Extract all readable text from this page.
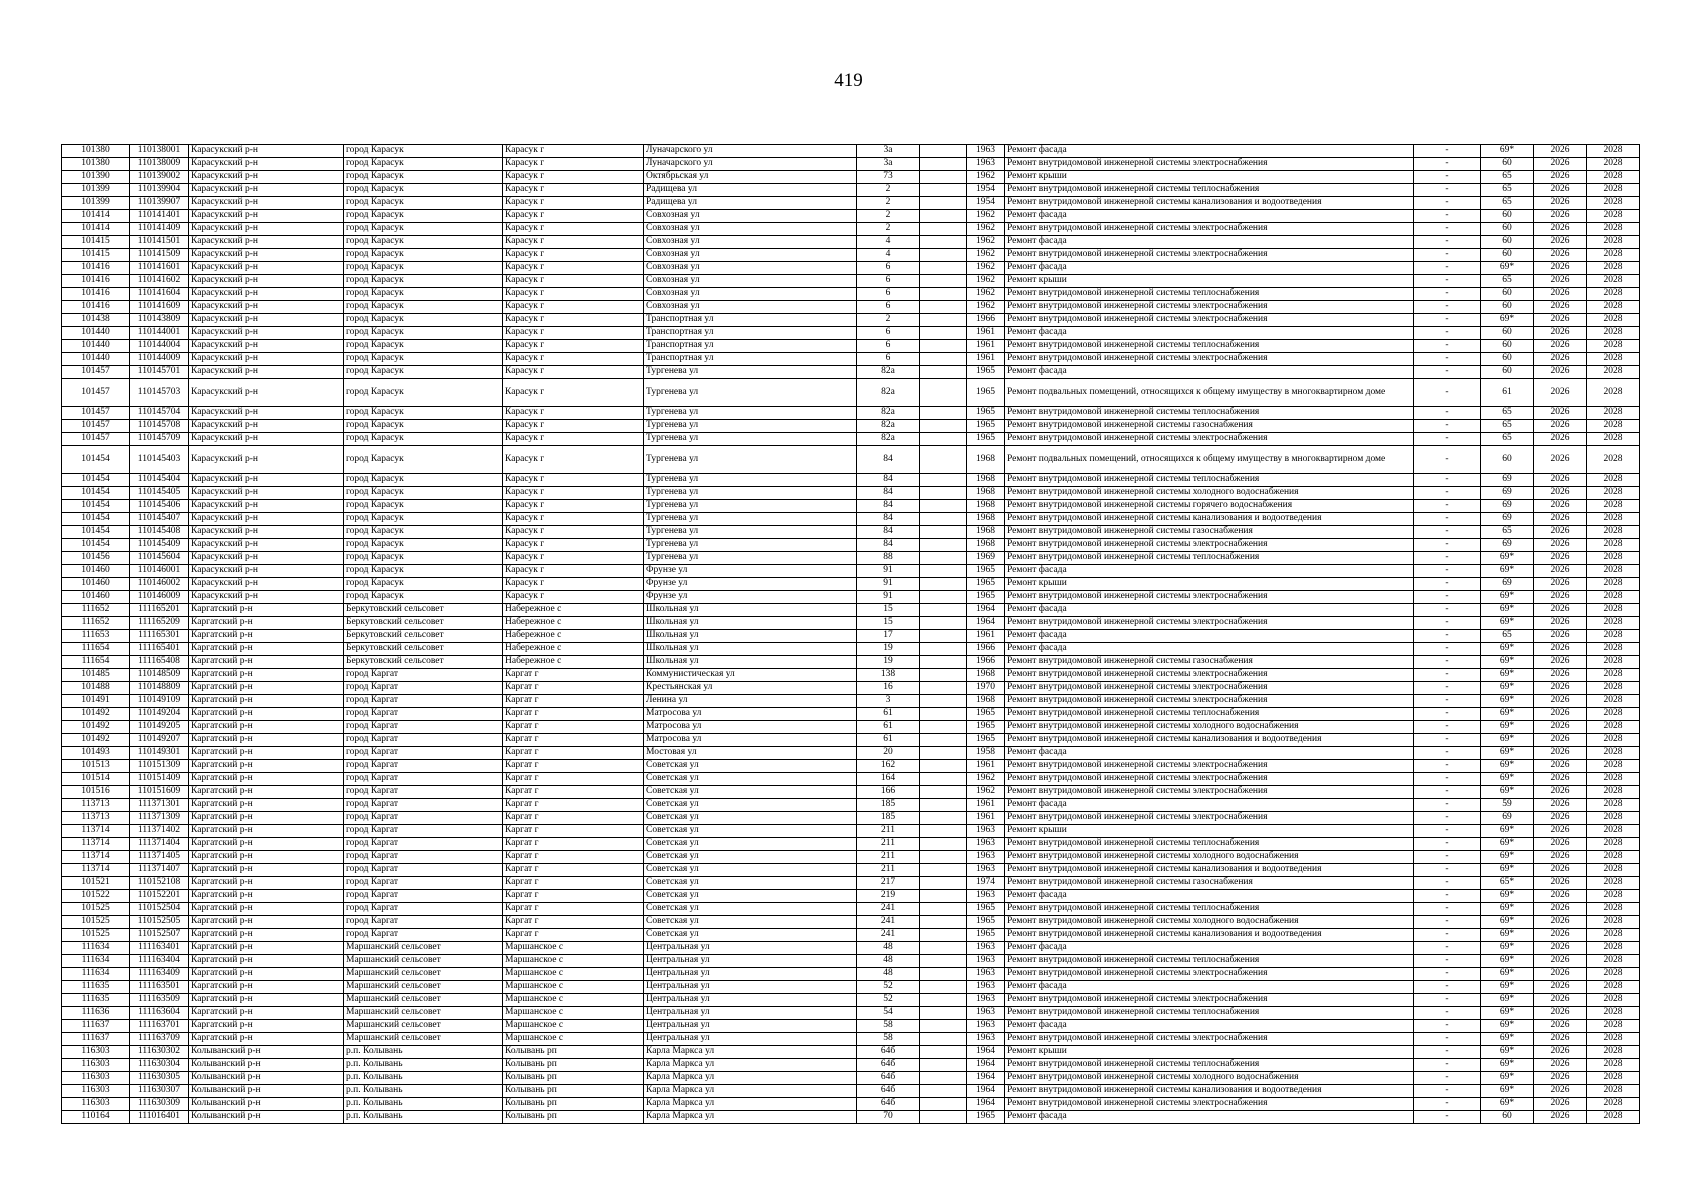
419
101380	110138001	Карасукский р-н	город Карасук	Карасук г	Луначарского ул	3а		1963	Ремонт фасада	-	69*	2026	2028
101380	110138009	Карасукский р-н	город Карасук	Карасук г	Луначарского ул	3а		1963	Ремонт внутридомовой инженерной системы электроснабжения	-	60	2026	2028
101390	110139002	Карасукский р-н	город Карасук	Карасук г	Октябрьская ул	73		1962	Ремонт крыши	-	65	2026	2028
101399	110139904	Карасукский р-н	город Карасук	Карасук г	Радищева ул	2		1954	Ремонт внутридомовой инженерной системы теплоснабжения	-	65	2026	2028
101399	110139907	Карасукский р-н	город Карасук	Карасук г	Радищева ул	2		1954	Ремонт внутридомовой инженерной системы канализования и водоотведения	-	65	2026	2028
101414	110141401	Карасукский р-н	город Карасук	Карасук г	Совхозная ул	2		1962	Ремонт фасада	-	60	2026	2028
101414	110141409	Карасукский р-н	город Карасук	Карасук г	Совхозная ул	2		1962	Ремонт внутридомовой инженерной системы электроснабжения	-	60	2026	2028
101415	110141501	Карасукский р-н	город Карасук	Карасук г	Совхозная ул	4		1962	Ремонт фасада	-	60	2026	2028
101415	110141509	Карасукский р-н	город Карасук	Карасук г	Совхозная ул	4		1962	Ремонт внутридомовой инженерной системы электроснабжения	-	60	2026	2028
101416	110141601	Карасукский р-н	город Карасук	Карасук г	Совхозная ул	6		1962	Ремонт фасада	-	69*	2026	2028
101416	110141602	Карасукский р-н	город Карасук	Карасук г	Совхозная ул	6		1962	Ремонт крыши	-	65	2026	2028
101416	110141604	Карасукский р-н	город Карасук	Карасук г	Совхозная ул	6		1962	Ремонт внутридомовой инженерной системы теплоснабжения	-	60	2026	2028
101416	110141609	Карасукский р-н	город Карасук	Карасук г	Совхозная ул	6		1962	Ремонт внутридомовой инженерной системы электроснабжения	-	60	2026	2028
101438	110143809	Карасукский р-н	город Карасук	Карасук г	Транспортная ул	2		1966	Ремонт внутридомовой инженерной системы электроснабжения	-	69*	2026	2028
101440	110144001	Карасукский р-н	город Карасук	Карасук г	Транспортная ул	6		1961	Ремонт фасада	-	60	2026	2028
101440	110144004	Карасукский р-н	город Карасук	Карасук г	Транспортная ул	6		1961	Ремонт внутридомовой инженерной системы теплоснабжения	-	60	2026	2028
101440	110144009	Карасукский р-н	город Карасук	Карасук г	Транспортная ул	6		1961	Ремонт внутридомовой инженерной системы электроснабжения	-	60	2026	2028
101457	110145701	Карасукский р-н	город Карасук	Карасук г	Тургенева ул	82а		1965	Ремонт фасада	-	60	2026	2028
101457	110145703	Карасукский р-н	город Карасук	Карасук г	Тургенева ул	82а		1965	Ремонт подвальных помещений, относящихся к общему имуществу в многоквартирном доме	-	61	2026	2028
101457	110145704	Карасукский р-н	город Карасук	Карасук г	Тургенева ул	82а		1965	Ремонт внутридомовой инженерной системы теплоснабжения	-	65	2026	2028
101457	110145708	Карасукский р-н	город Карасук	Карасук г	Тургенева ул	82а		1965	Ремонт внутридомовой инженерной системы газоснабжения	-	65	2026	2028
101457	110145709	Карасукский р-н	город Карасук	Карасук г	Тургенева ул	82а		1965	Ремонт внутридомовой инженерной системы электроснабжения	-	65	2026	2028
101454	110145403	Карасукский р-н	город Карасук	Карасук г	Тургенева ул	84		1968	Ремонт подвальных помещений, относящихся к общему имуществу в многоквартирном доме	-	60	2026	2028
101454	110145404	Карасукский р-н	город Карасук	Карасук г	Тургенева ул	84		1968	Ремонт внутридомовой инженерной системы теплоснабжения	-	69	2026	2028
101454	110145405	Карасукский р-н	город Карасук	Карасук г	Тургенева ул	84		1968	Ремонт внутридомовой инженерной системы холодного водоснабжения	-	69	2026	2028
101454	110145406	Карасукский р-н	город Карасук	Карасук г	Тургенева ул	84		1968	Ремонт внутридомовой инженерной системы горячего водоснабжения	-	69	2026	2028
101454	110145407	Карасукский р-н	город Карасук	Карасук г	Тургенева ул	84		1968	Ремонт внутридомовой инженерной системы канализования и водоотведения	-	69	2026	2028
101454	110145408	Карасукский р-н	город Карасук	Карасук г	Тургенева ул	84		1968	Ремонт внутридомовой инженерной системы газоснабжения	-	65	2026	2028
101454	110145409	Карасукский р-н	город Карасук	Карасук г	Тургенева ул	84		1968	Ремонт внутридомовой инженерной системы электроснабжения	-	69	2026	2028
101456	110145604	Карасукский р-н	город Карасук	Карасук г	Тургенева ул	88		1969	Ремонт внутридомовой инженерной системы теплоснабжения	-	69*	2026	2028
101460	110146001	Карасукский р-н	город Карасук	Карасук г	Фрунзе ул	91		1965	Ремонт фасада	-	69*	2026	2028
101460	110146002	Карасукский р-н	город Карасук	Карасук г	Фрунзе ул	91		1965	Ремонт крыши	-	69	2026	2028
101460	110146009	Карасукский р-н	город Карасук	Карасук г	Фрунзе ул	91		1965	Ремонт внутридомовой инженерной системы электроснабжения	-	69*	2026	2028
111652	111165201	Каргатский р-н	Беркутовский сельсовет	Набережное с	Школьная ул	15		1964	Ремонт фасада	-	69*	2026	2028
111652	111165209	Каргатский р-н	Беркутовский сельсовет	Набережное с	Школьная ул	15		1964	Ремонт внутридомовой инженерной системы электроснабжения	-	69*	2026	2028
111653	111165301	Каргатский р-н	Беркутовский сельсовет	Набережное с	Школьная ул	17		1961	Ремонт фасада	-	65	2026	2028
111654	111165401	Каргатский р-н	Беркутовский сельсовет	Набережное с	Школьная ул	19		1966	Ремонт фасада	-	69*	2026	2028
111654	111165408	Каргатский р-н	Беркутовский сельсовет	Набережное с	Школьная ул	19		1966	Ремонт внутридомовой инженерной системы газоснабжения	-	69*	2026	2028
101485	110148509	Каргатский р-н	город Каргат	Каргат г	Коммунистическая ул	138		1968	Ремонт внутридомовой инженерной системы электроснабжения	-	69*	2026	2028
101488	110148809	Каргатский р-н	город Каргат	Каргат г	Крестьянская ул	16		1970	Ремонт внутридомовой инженерной системы электроснабжения	-	69*	2026	2028
101491	110149109	Каргатский р-н	город Каргат	Каргат г	Ленина ул	3		1968	Ремонт внутридомовой инженерной системы электроснабжения	-	69*	2026	2028
101492	110149204	Каргатский р-н	город Каргат	Каргат г	Матросова ул	61		1965	Ремонт внутридомовой инженерной системы теплоснабжения	-	69*	2026	2028
101492	110149205	Каргатский р-н	город Каргат	Каргат г	Матросова ул	61		1965	Ремонт внутридомовой инженерной системы холодного водоснабжения	-	69*	2026	2028
101492	110149207	Каргатский р-н	город Каргат	Каргат г	Матросова ул	61		1965	Ремонт внутридомовой инженерной системы канализования и водоотведения	-	69*	2026	2028
101493	110149301	Каргатский р-н	город Каргат	Каргат г	Мостовая ул	20		1958	Ремонт фасада	-	69*	2026	2028
101513	110151309	Каргатский р-н	город Каргат	Каргат г	Советская ул	162		1961	Ремонт внутридомовой инженерной системы электроснабжения	-	69*	2026	2028
101514	110151409	Каргатский р-н	город Каргат	Каргат г	Советская ул	164		1962	Ремонт внутридомовой инженерной системы электроснабжения	-	69*	2026	2028
101516	110151609	Каргатский р-н	город Каргат	Каргат г	Советская ул	166		1962	Ремонт внутридомовой инженерной системы электроснабжения	-	69*	2026	2028
113713	111371301	Каргатский р-н	город Каргат	Каргат г	Советская ул	185		1961	Ремонт фасада	-	59	2026	2028
113713	111371309	Каргатский р-н	город Каргат	Каргат г	Советская ул	185		1961	Ремонт внутридомовой инженерной системы электроснабжения	-	69	2026	2028
113714	111371402	Каргатский р-н	город Каргат	Каргат г	Советская ул	211		1963	Ремонт крыши	-	69*	2026	2028
113714	111371404	Каргатский р-н	город Каргат	Каргат г	Советская ул	211		1963	Ремонт внутридомовой инженерной системы теплоснабжения	-	69*	2026	2028
113714	111371405	Каргатский р-н	город Каргат	Каргат г	Советская ул	211		1963	Ремонт внутридомовой инженерной системы холодного водоснабжения	-	69*	2026	2028
113714	111371407	Каргатский р-н	город Каргат	Каргат г	Советская ул	211		1963	Ремонт внутридомовой инженерной системы канализования и водоотведения	-	69*	2026	2028
101521	110152108	Каргатский р-н	город Каргат	Каргат г	Советская ул	217		1974	Ремонт внутридомовой инженерной системы газоснабжения	-	65*	2026	2028
101522	110152201	Каргатский р-н	город Каргат	Каргат г	Советская ул	219		1963	Ремонт фасада	-	69*	2026	2028
101525	110152504	Каргатский р-н	город Каргат	Каргат г	Советская ул	241		1965	Ремонт внутридомовой инженерной системы теплоснабжения	-	69*	2026	2028
101525	110152505	Каргатский р-н	город Каргат	Каргат г	Советская ул	241		1965	Ремонт внутридомовой инженерной системы холодного водоснабжения	-	69*	2026	2028
101525	110152507	Каргатский р-н	город Каргат	Каргат г	Советская ул	241		1965	Ремонт внутридомовой инженерной системы канализования и водоотведения	-	69*	2026	2028
111634	111163401	Каргатский р-н	Маршанский сельсовет	Маршанское с	Центральная ул	48		1963	Ремонт фасада	-	69*	2026	2028
111634	111163404	Каргатский р-н	Маршанский сельсовет	Маршанское с	Центральная ул	48		1963	Ремонт внутридомовой инженерной системы теплоснабжения	-	69*	2026	2028
111634	111163409	Каргатский р-н	Маршанский сельсовет	Маршанское с	Центральная ул	48		1963	Ремонт внутридомовой инженерной системы электроснабжения	-	69*	2026	2028
111635	111163501	Каргатский р-н	Маршанский сельсовет	Маршанское с	Центральная ул	52		1963	Ремонт фасада	-	69*	2026	2028
111635	111163509	Каргатский р-н	Маршанский сельсовет	Маршанское с	Центральная ул	52		1963	Ремонт внутридомовой инженерной системы электроснабжения	-	69*	2026	2028
111636	111163604	Каргатский р-н	Маршанский сельсовет	Маршанское с	Центральная ул	54		1963	Ремонт внутридомовой инженерной системы теплоснабжения	-	69*	2026	2028
111637	111163701	Каргатский р-н	Маршанский сельсовет	Маршанское с	Центральная ул	58		1963	Ремонт фасада	-	69*	2026	2028
111637	111163709	Каргатский р-н	Маршанский сельсовет	Маршанское с	Центральная ул	58		1963	Ремонт внутридомовой инженерной системы электроснабжения	-	69*	2026	2028
116303	111630302	Колыванский р-н	р.п. Колывань	Колывань рп	Карла Маркса ул	64б		1964	Ремонт крыши	-	69*	2026	2028
116303	111630304	Колыванский р-н	р.п. Колывань	Колывань рп	Карла Маркса ул	64б		1964	Ремонт внутридомовой инженерной системы теплоснабжения	-	69*	2026	2028
116303	111630305	Колыванский р-н	р.п. Колывань	Колывань рп	Карла Маркса ул	64б		1964	Ремонт внутридомовой инженерной системы холодного водоснабжения	-	69*	2026	2028
116303	111630307	Колыванский р-н	р.п. Колывань	Колывань рп	Карла Маркса ул	64б		1964	Ремонт внутридомовой инженерной системы канализования и водоотведения	-	69*	2026	2028
116303	111630309	Колыванский р-н	р.п. Колывань	Колывань рп	Карла Маркса ул	64б		1964	Ремонт внутридомовой инженерной системы электроснабжения	-	69*	2026	2028
110164	111016401	Колыванский р-н	р.п. Колывань	Колывань рп	Карла Маркса ул	70		1965	Ремонт фасада	-	60	2026	2028
